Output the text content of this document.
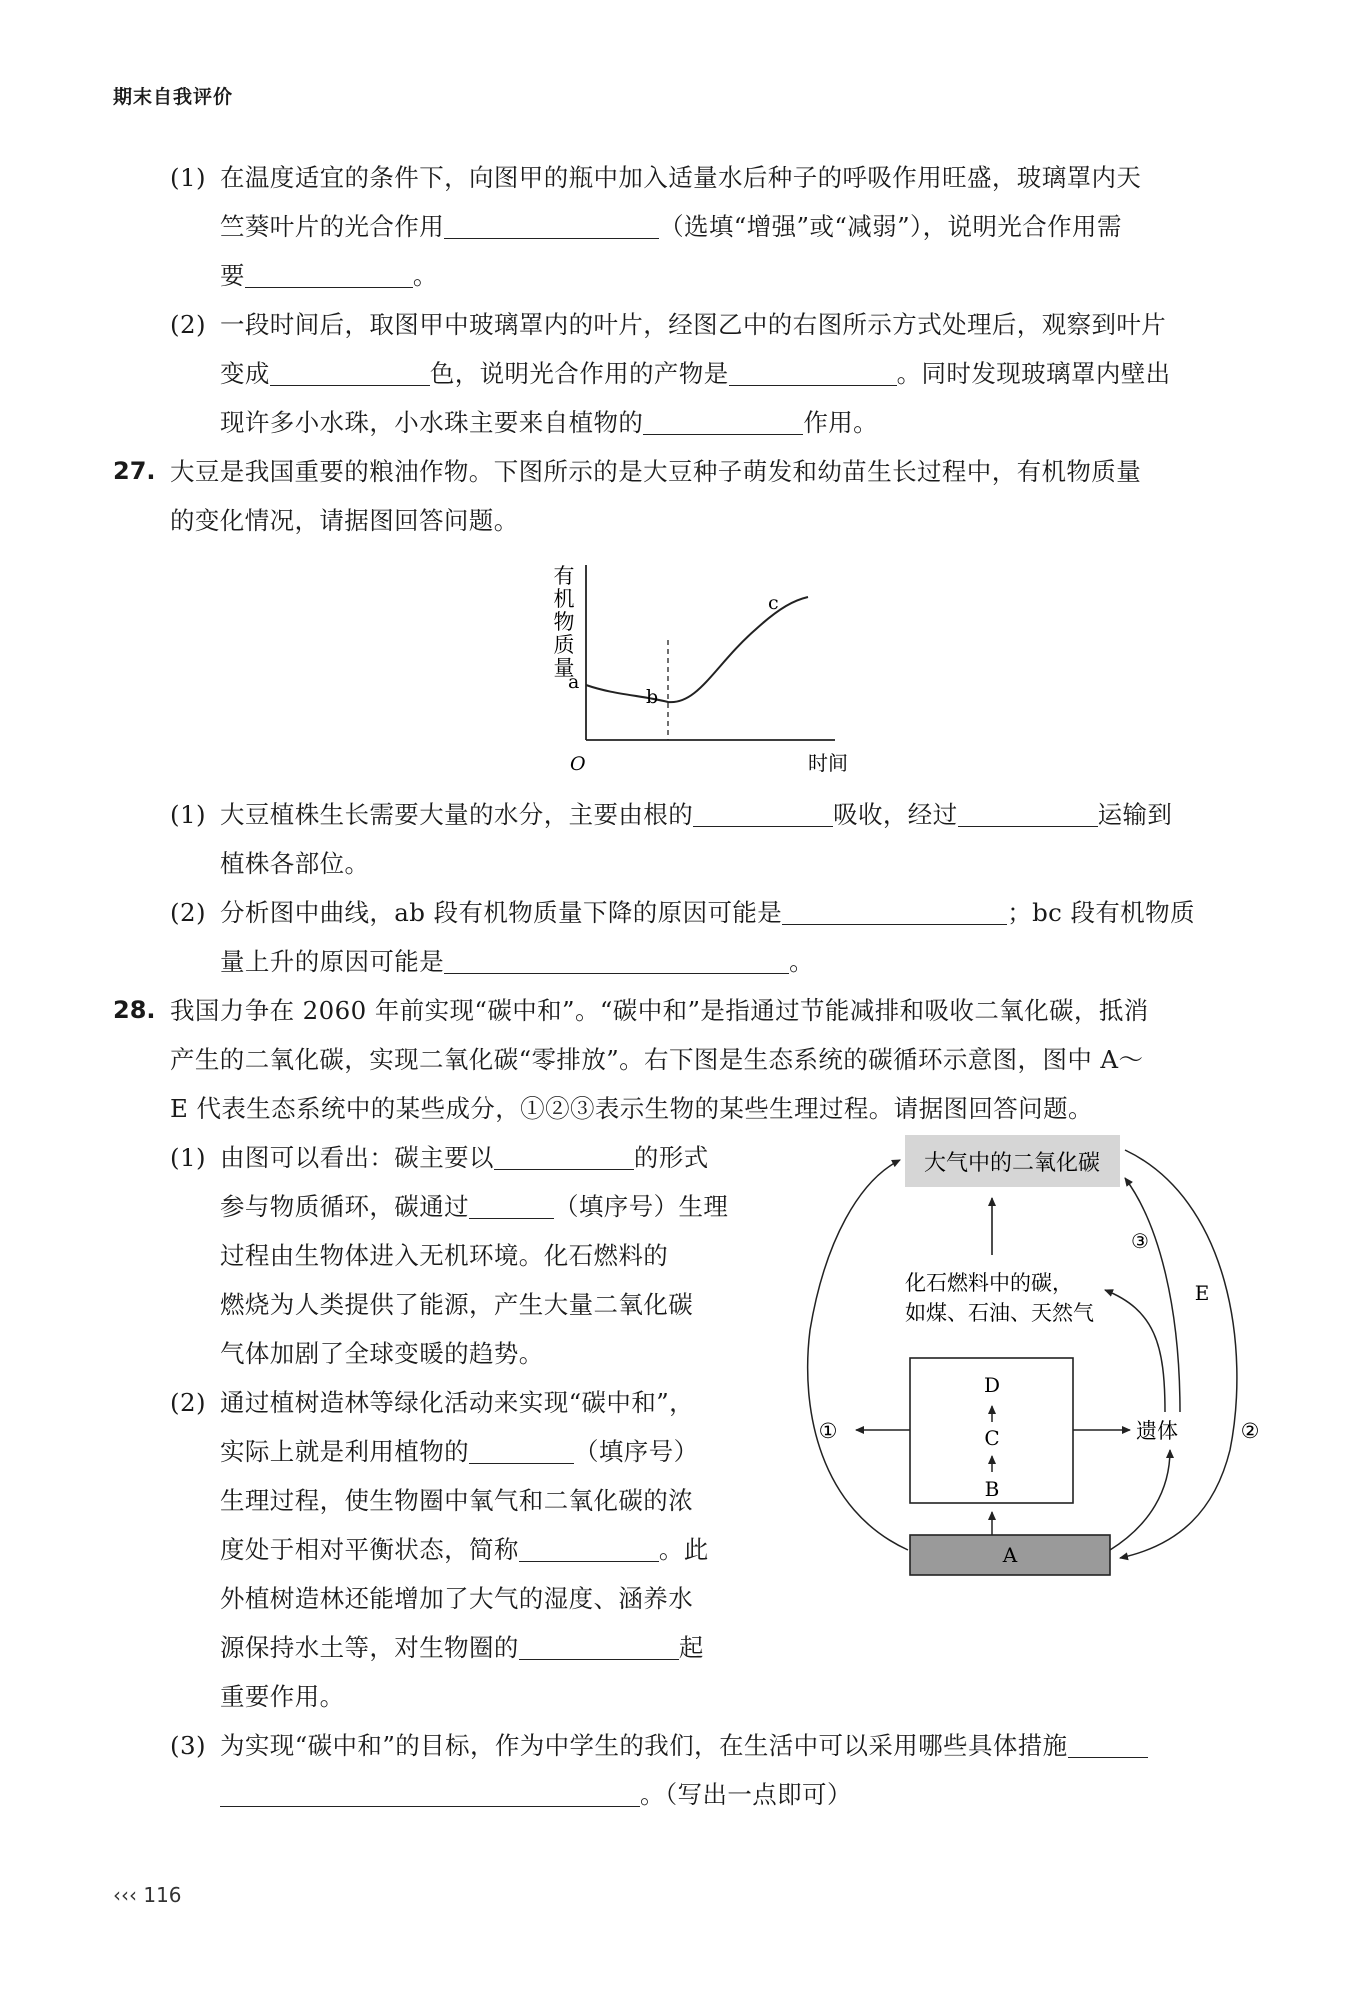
期末自我评价
(1) 在温度适宜的条件下，向图甲的瓶中加入适量水后种子的呼吸作用旺盛，玻璃罩内天
竺葵叶片的光合作用	（选填“增强”或“减弱”），说明光合作用需
要	。
(2) 一段时间后，取图甲中玻璃罩内的叶片，经图乙中的右图所示方式处理后，观察到叶片
变成	色，说明光合作用的产物是	。同时发现玻璃罩内壁出
现许多小水珠，小水珠主要来自植物的	作用。
27. 大豆是我国重要的粮油作物。下图所示的是大豆种子萌发和幼苗生长过程中，有机物质量
的变化情况，请据图回答问题。
有机物质量
a
b
c
O	时间
(1) 大豆植株生长需要大量的水分，主要由根的	吸收，经过	运输到
植株各部位。
(2) 分析图中曲线，ab 段有机物质量下降的原因可能是	；bc 段有机物质
量上升的原因可能是	。
28. 我国力争在 2060 年前实现“碳中和”。“碳中和”是指通过节能减排和吸收二氧化碳，抵消
产生的二氧化碳，实现二氧化碳“零排放”。右下图是生态系统的碳循环示意图，图中 A～
E 代表生态系统中的某些成分，①②③表示生物的某些生理过程。请据图回答问题。
(1) 由图可以看出：碳主要以	的形式
参与物质循环，碳通过	（填序号）生理
过程由生物体进入无机环境。化石燃料的
燃烧为人类提供了能源，产生大量二氧化碳
气体加剧了全球变暖的趋势。
(2) 通过植树造林等绿化活动来实现“碳中和”，
实际上就是利用植物的	（填序号）
生理过程，使生物圈中氧气和二氧化碳的浓
度处于相对平衡状态，简称	。此
外植树造林还能增加了大气的湿度、涵养水
源保持水土等，对生物圈的	起
重要作用。
(3) 为实现“碳中和”的目标，作为中学生的我们，在生活中可以采用哪些具体措施
。（写出一点即可）
大气中的二氧化碳
化石燃料中的碳，
如煤、石油、天然气
D
C
B
A
①	遗体
③
E
②
‹‹‹ 116
